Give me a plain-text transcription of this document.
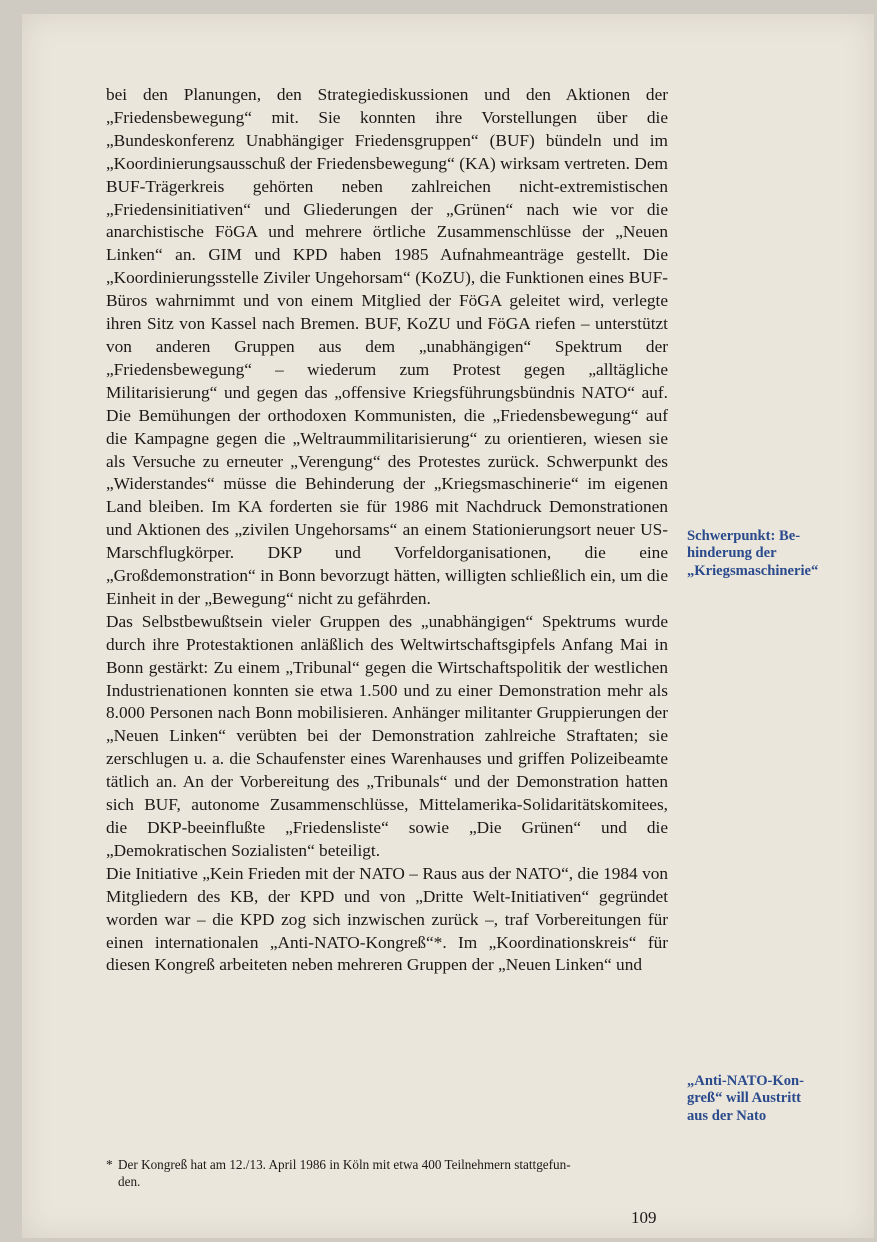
bei den Planungen, den Strategiediskussionen und den Aktionen der „Friedensbewegung“ mit. Sie konnten ihre Vorstellungen über die „Bundeskonferenz Unabhängiger Friedensgruppen“ (BUF) bündeln und im „Koordinierungsausschuß der Friedensbewegung“ (KA) wirksam vertreten. Dem BUF-Trägerkreis gehörten neben zahlreichen nicht-extremistischen „Friedensinitiativen“ und Gliederungen der „Grünen“ nach wie vor die anarchistische FöGA und mehrere örtliche Zusammenschlüsse der „Neuen Linken“ an. GIM und KPD haben 1985 Aufnahmeanträge gestellt. Die „Koordinierungsstelle Ziviler Ungehorsam“ (KoZU), die Funktionen eines BUF-Büros wahrnimmt und von einem Mitglied der FöGA geleitet wird, verlegte ihren Sitz von Kassel nach Bremen. BUF, KoZU und FöGA riefen – unterstützt von anderen Gruppen aus dem „unabhängigen“ Spektrum der „Friedensbewegung“ – wiederum zum Protest gegen „alltägliche Militarisierung“ und gegen das „offensive Kriegsführungsbündnis NATO“ auf. Die Bemühungen der orthodoxen Kommunisten, die „Friedensbewegung“ auf die Kampagne gegen die „Weltraummilitarisierung“ zu orientieren, wiesen sie als Versuche zu erneuter „Verengung“ des Protestes zurück. Schwerpunkt des „Widerstandes“ müsse die Behinderung der „Kriegsmaschinerie“ im eigenen Land bleiben. Im KA forderten sie für 1986 mit Nachdruck Demonstrationen und Aktionen des „zivilen Ungehorsams“ an einem Stationierungsort neuer US-Marschflugkörper. DKP und Vorfeldorganisationen, die eine „Großdemonstration“ in Bonn bevorzugt hätten, willigten schließlich ein, um die Einheit in der „Bewegung“ nicht zu gefährden.

Das Selbstbewußtsein vieler Gruppen des „unabhängigen“ Spektrums wurde durch ihre Protestaktionen anläßlich des Weltwirtschaftsgipfels Anfang Mai in Bonn gestärkt: Zu einem „Tribunal“ gegen die Wirtschaftspolitik der westlichen Industrienationen konnten sie etwa 1.500 und zu einer Demonstration mehr als 8.000 Personen nach Bonn mobilisieren. Anhänger militanter Gruppierungen der „Neuen Linken“ verübten bei der Demonstration zahlreiche Straftaten; sie zerschlugen u. a. die Schaufenster eines Warenhauses und griffen Polizeibeamte tätlich an. An der Vorbereitung des „Tribunals“ und der Demonstration hatten sich BUF, autonome Zusammenschlüsse, Mittelamerika-Solidaritätskomitees, die DKP-beeinflußte „Friedensliste“ sowie „Die Grünen“ und die „Demokratischen Sozialisten“ beteiligt.

Die Initiative „Kein Frieden mit der NATO – Raus aus der NATO“, die 1984 von Mitgliedern des KB, der KPD und von „Dritte Welt-Initiativen“ gegründet worden war – die KPD zog sich inzwischen zurück –, traf Vorbereitungen für einen internationalen „Anti-NATO-Kongreß“*. Im „Koordinationskreis“ für diesen Kongreß arbeiteten neben mehreren Gruppen der „Neuen Linken“ und

Schwerpunkt: Be-
hinderung der
„Kriegsmaschinerie“
„Anti-NATO-Kon-
greß“ will Austritt
aus der Nato
* Der Kongreß hat am 12./13. April 1986 in Köln mit etwa 400 Teilnehmern stattgefun-
den.
109
